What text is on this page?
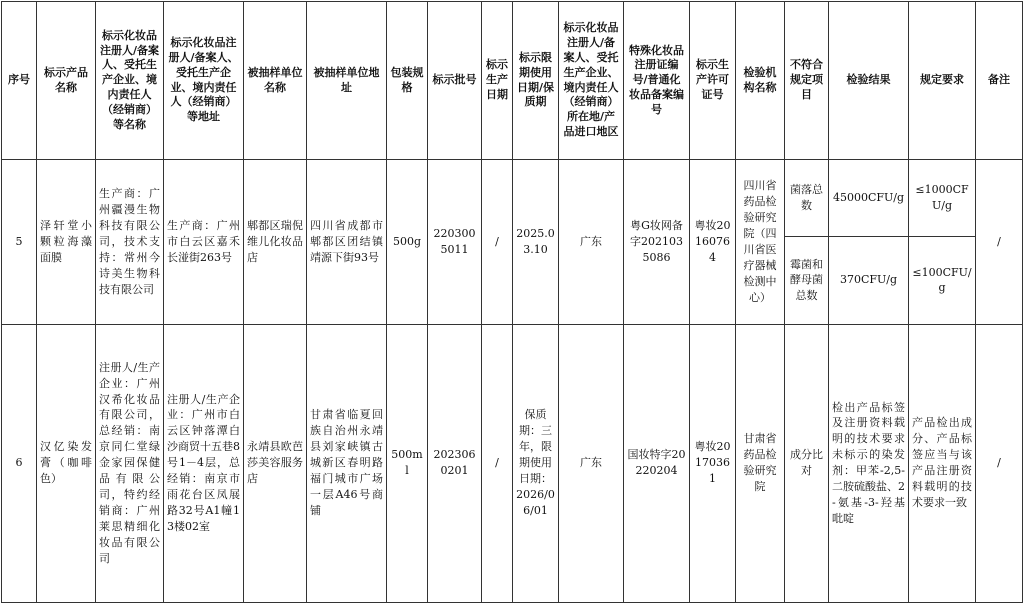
序号	标示产品名称	标示化妆品注册人/备案人、受托生产企业、境内责任人（经销商）等名称	标示化妆品注册人/备案人、受托生产企业、境内责任人（经销商）等地址	被抽样单位名称	被抽样单位地址	包装规格	标示批号	标示生产日期	标示限期使用日期/保质期	标示化妆品注册人/备案人、受托生产企业、境内责任人（经销商）所在地/产品进口地区	特殊化妆品注册证编号/普通化妆品备案编号	标示生产许可证号	检验机构名称	不符合规定项目	检验结果	规定要求	备注
5	泽轩堂小颗粒海藻面膜	生产商：广州疆漫生物科技有限公司，技术支持：常州今诗美生物科技有限公司	生产商：广州市白云区嘉禾长湴街263号	郫都区瑞倪维儿化妆品店	四川省成都市郫都区团结镇靖源下街93号	500g	2203005011	/	2025.03.10	广东	粤G妆网备字2021035086	粤妆20160764	四川省药品检验研究院（四川省医疗器械检测中心）	菌落总数	45000CFU/g	≤1000CFU/g	/
														霉菌和酵母菌总数	370CFU/g	≤100CFU/g	
6	汉亿染发膏（咖啡色）	注册人/生产企业：广州汉希化妆品有限公司，总经销：南京同仁堂绿金家园保健品有限公司，特约经销商：广州莱思精细化妆品有限公司	注册人/生产企业：广州市白云区钟落潭白沙商贸十五巷8号1－4层，总经销：南京市雨花台区凤展路32号A1幢13楼02室	永靖县欧芭莎美容服务店	甘肃省临夏回族自治州永靖县刘家峡镇古城新区春明路福门城市广场一层A46号商铺	500ml	2023060201	/	保质期：三年，限期使用日期：2026/06/01	广东	国妆特字20220204	粤妆20170361	甘肃省药品检验研究院	成分比对	检出产品标签及注册资料载明的技术要求未标示的染发剂：甲苯-2,5-二胺硫酸盐、2-氨基-3-羟基吡啶	产品检出成分、产品标签应当与该产品注册资料载明的技术要求一致	/
